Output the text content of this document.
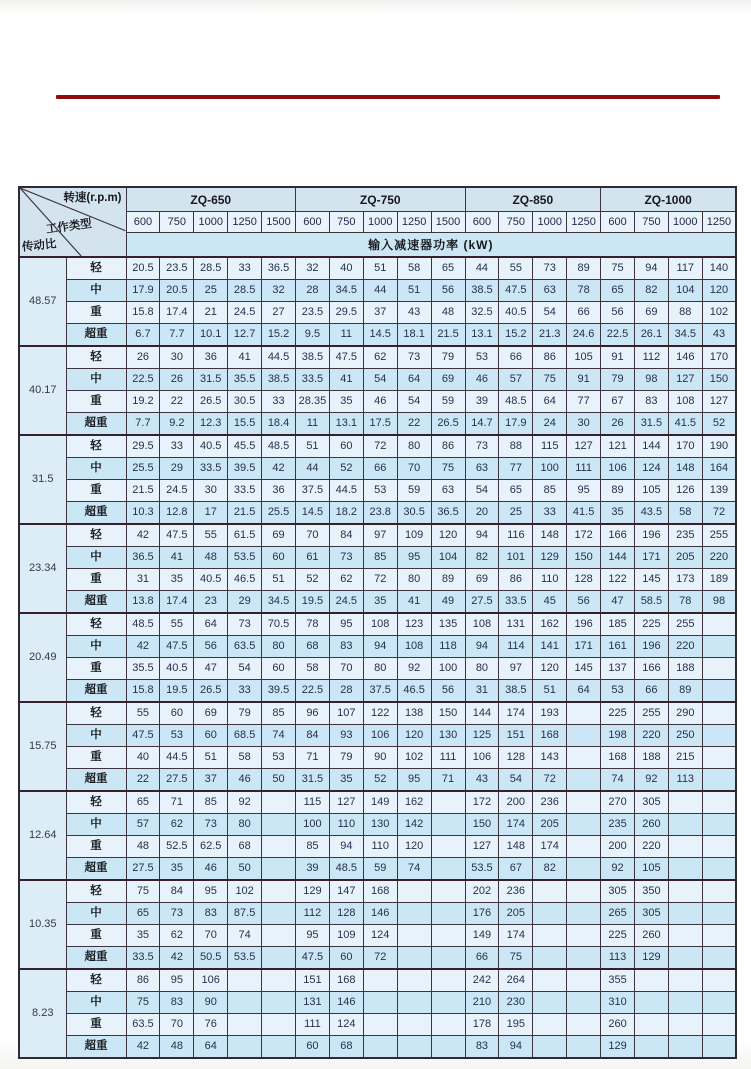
转速(r.p.m)
工作类型
传动比		ZQ-650					ZQ-750					ZQ-850				ZQ-1000			
		600	750	1000	1250	1500	600	750	1000	1250	1500	600	750	1000	1250	600	750	1000	1250
		输入减速器功率 (kW)																	
48.57	轻	20.5	23.5	28.5	33	36.5	32	40	51	58	65	44	55	73	89	75	94	117	140
	中	17.9	20.5	25	28.5	32	28	34.5	44	51	56	38.5	47.5	63	78	65	82	104	120
	重	15.8	17.4	21	24.5	27	23.5	29.5	37	43	48	32.5	40.5	54	66	56	69	88	102
	超重	6.7	7.7	10.1	12.7	15.2	9.5	11	14.5	18.1	21.5	13.1	15.2	21.3	24.6	22.5	26.1	34.5	43
40.17	轻	26	30	36	41	44.5	38.5	47.5	62	73	79	53	66	86	105	91	112	146	170
	中	22.5	26	31.5	35.5	38.5	33.5	41	54	64	69	46	57	75	91	79	98	127	150
	重	19.2	22	26.5	30.5	33	28.35	35	46	54	59	39	48.5	64	77	67	83	108	127
	超重	7.7	9.2	12.3	15.5	18.4	11	13.1	17.5	22	26.5	14.7	17.9	24	30	26	31.5	41.5	52
31.5	轻	29.5	33	40.5	45.5	48.5	51	60	72	80	86	73	88	115	127	121	144	170	190
	中	25.5	29	33.5	39.5	42	44	52	66	70	75	63	77	100	111	106	124	148	164
	重	21.5	24.5	30	33.5	36	37.5	44.5	53	59	63	54	65	85	95	89	105	126	139
	超重	10.3	12.8	17	21.5	25.5	14.5	18.2	23.8	30.5	36.5	20	25	33	41.5	35	43.5	58	72
23.34	轻	42	47.5	55	61.5	69	70	84	97	109	120	94	116	148	172	166	196	235	255
	中	36.5	41	48	53.5	60	61	73	85	95	104	82	101	129	150	144	171	205	220
	重	31	35	40.5	46.5	51	52	62	72	80	89	69	86	110	128	122	145	173	189
	超重	13.8	17.4	23	29	34.5	19.5	24.5	35	41	49	27.5	33.5	45	56	47	58.5	78	98
20.49	轻	48.5	55	64	73	70.5	78	95	108	123	135	108	131	162	196	185	225	255	
	中	42	47.5	56	63.5	80	68	83	94	108	118	94	114	141	171	161	196	220	
	重	35.5	40.5	47	54	60	58	70	80	92	100	80	97	120	145	137	166	188	
	超重	15.8	19.5	26.5	33	39.5	22.5	28	37.5	46.5	56	31	38.5	51	64	53	66	89	
15.75	轻	55	60	69	79	85	96	107	122	138	150	144	174	193		225	255	290	
	中	47.5	53	60	68.5	74	84	93	106	120	130	125	151	168		198	220	250	
	重	40	44.5	51	58	53	71	79	90	102	111	106	128	143		168	188	215	
	超重	22	27.5	37	46	50	31.5	35	52	95	71	43	54	72		74	92	113	
12.64	轻	65	71	85	92		115	127	149	162		172	200	236		270	305		
	中	57	62	73	80		100	110	130	142		150	174	205		235	260		
	重	48	52.5	62.5	68		85	94	110	120		127	148	174		200	220		
	超重	27.5	35	46	50		39	48.5	59	74		53.5	67	82		92	105		
10.35	轻	75	84	95	102		129	147	168			202	236			305	350		
	中	65	73	83	87.5		112	128	146			176	205			265	305		
	重	35	62	70	74		95	109	124			149	174			225	260		
	超重	33.5	42	50.5	53.5		47.5	60	72			66	75			113	129		
8.23	轻	86	95	106			151	168				242	264			355			
	中	75	83	90			131	146				210	230			310			
	重	63.5	70	76			111	124				178	195			260			
	超重	42	48	64			60	68				83	94			129			
